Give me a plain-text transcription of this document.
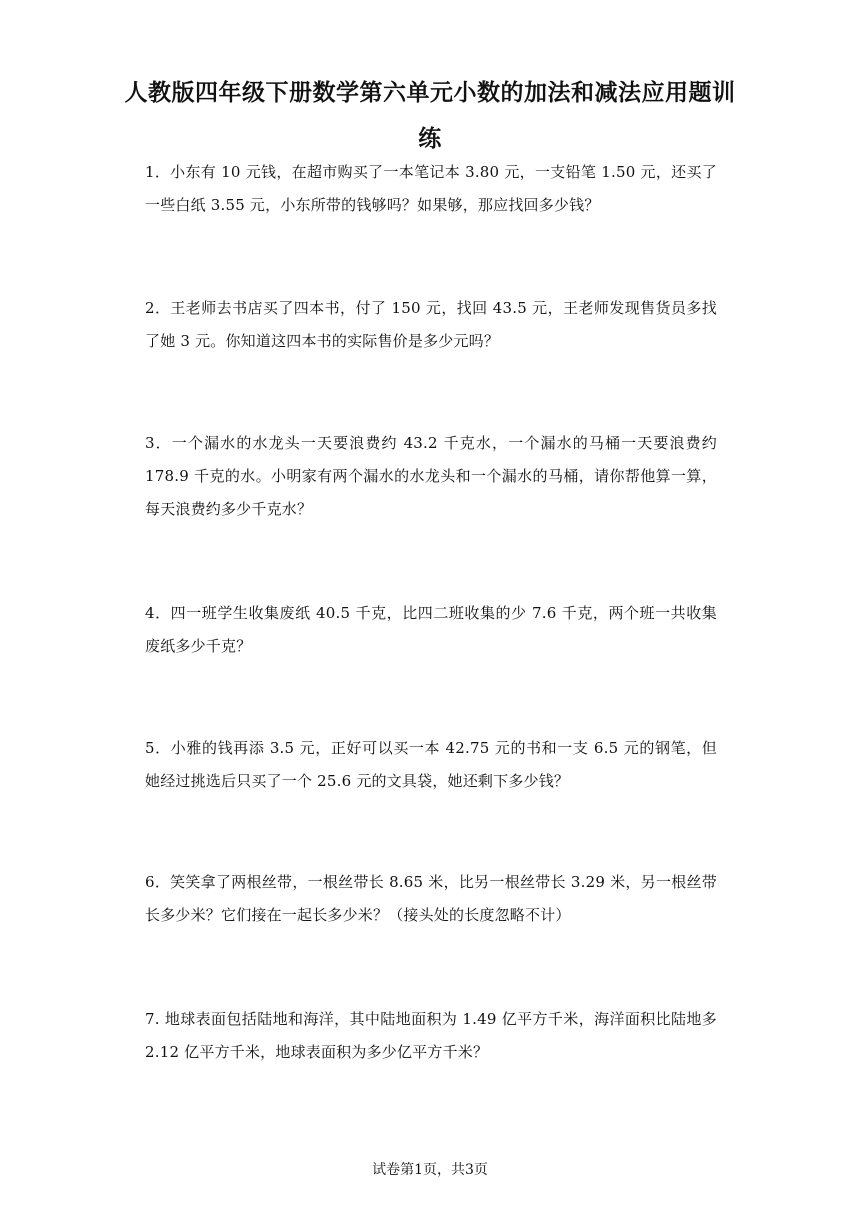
人教版四年级下册数学第六单元小数的加法和减法应用题训练
1．小东有 10 元钱，在超市购买了一本笔记本 3.80 元，一支铅笔 1.50 元，还买了一些白纸 3.55 元，小东所带的钱够吗？如果够，那应找回多少钱？
2．王老师去书店买了四本书，付了 150 元，找回 43.5 元，王老师发现售货员多找了她 3 元。你知道这四本书的实际售价是多少元吗？
3．一个漏水的水龙头一天要浪费约 43.2 千克水，一个漏水的马桶一天要浪费约 178.9 千克的水。小明家有两个漏水的水龙头和一个漏水的马桶，请你帮他算一算，每天浪费约多少千克水？
4．四一班学生收集废纸 40.5 千克，比四二班收集的少 7.6 千克，两个班一共收集废纸多少千克？
5．小雅的钱再添 3.5 元，正好可以买一本 42.75 元的书和一支 6.5 元的钢笔，但她经过挑选后只买了一个 25.6 元的文具袋，她还剩下多少钱？
6．笑笑拿了两根丝带，一根丝带长 8.65 米，比另一根丝带长 3.29 米，另一根丝带长多少米？它们接在一起长多少米？（接头处的长度忽略不计）
7. 地球表面包括陆地和海洋，其中陆地面积为 1.49 亿平方千米，海洋面积比陆地多 2.12 亿平方千米，地球表面积为多少亿平方千米？
试卷第1页，共3页
